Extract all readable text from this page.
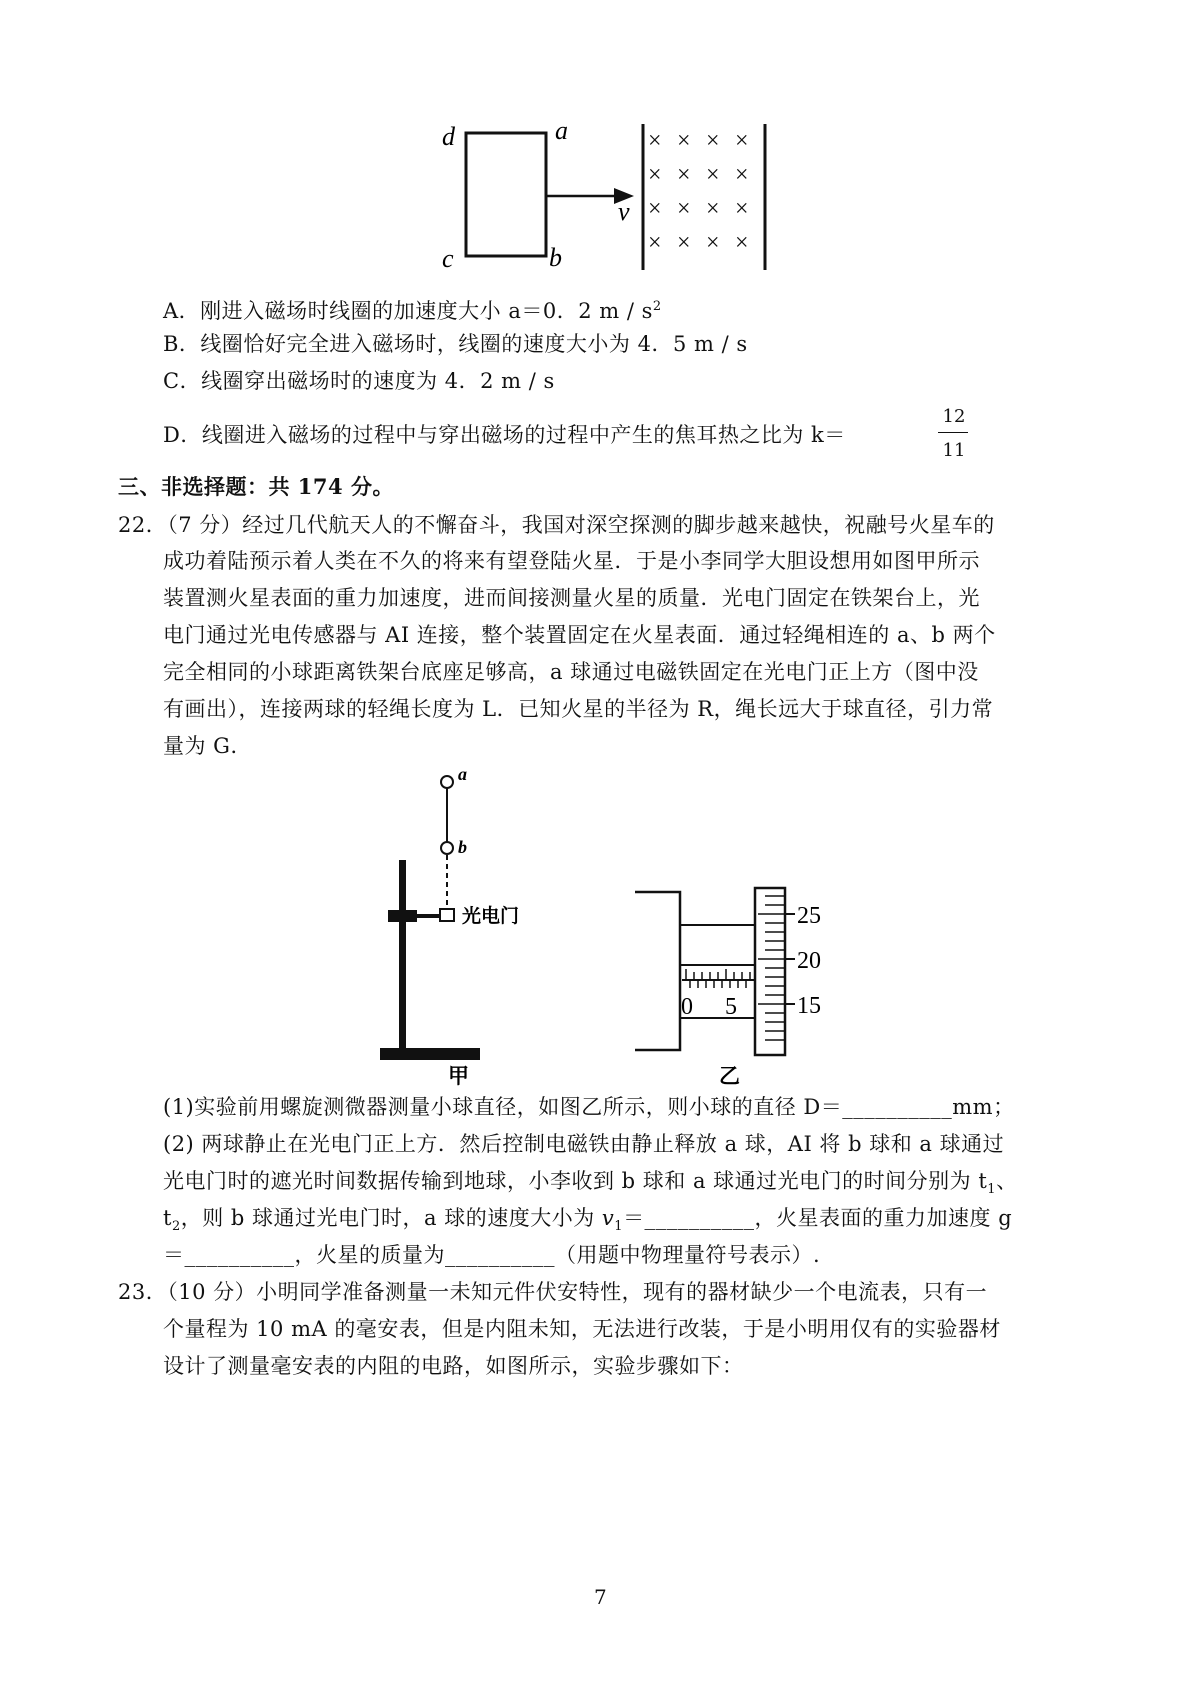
d	a
c	b
v
× × × ×
× × × ×
× × × ×
× × × ×
A．刚进入磁场时线圈的加速度大小 a＝0．2 m / $s^2$
B．线圈恰好完全进入磁场时，线圈的速度大小为 4．5 m / s
C．线圈穿出磁场时的速度为 4．2 m / s
D．线圈进入磁场的过程中与穿出磁场的过程中产生的焦耳热之比为 k＝
12
11
三、非选择题：共 174 分。
22．（7 分）经过几代航天人的不懈奋斗，我国对深空探测的脚步越来越快，祝融号火星车的
成功着陆预示着人类在不久的将来有望登陆火星．于是小李同学大胆设想用如图甲所示
装置测火星表面的重力加速度，进而间接测量火星的质量．光电门固定在铁架台上，光
电门通过光电传感器与 AI 连接，整个装置固定在火星表面．通过轻绳相连的 a、b 两个
完全相同的小球距离铁架台底座足够高，a 球通过电磁铁固定在光电门正上方（图中没
有画出），连接两球的轻绳长度为 L．已知火星的半径为 R，绳长远大于球直径，引力常
量为 G．
a
b
光电门
甲
0 5
25
20
15
乙
(1)实验前用螺旋测微器测量小球直径，如图乙所示，则小球的直径 D＝__________mm；
(2) 两球静止在光电门正上方．然后控制电磁铁由静止释放 a 球，AI 将 b 球和 a 球通过
光电门时的遮光时间数据传输到地球，小李收到 b 球和 a 球通过光电门的时间分别为 $t_1$、
$t_2$，则 b 球通过光电门时，a 球的速度大小为 $v_1=\_\_\_\_\_\_\_\_\_\_$，火星表面的重力加速度 g
＝__________，火星的质量为__________（用题中物理量符号表示）.
23．（10 分）小明同学准备测量一未知元件伏安特性，现有的器材缺少一个电流表，只有一
个量程为 10 mA 的毫安表，但是内阻未知，无法进行改装，于是小明用仅有的实验器材
设计了测量毫安表的内阻的电路，如图所示，实验步骤如下：
7
